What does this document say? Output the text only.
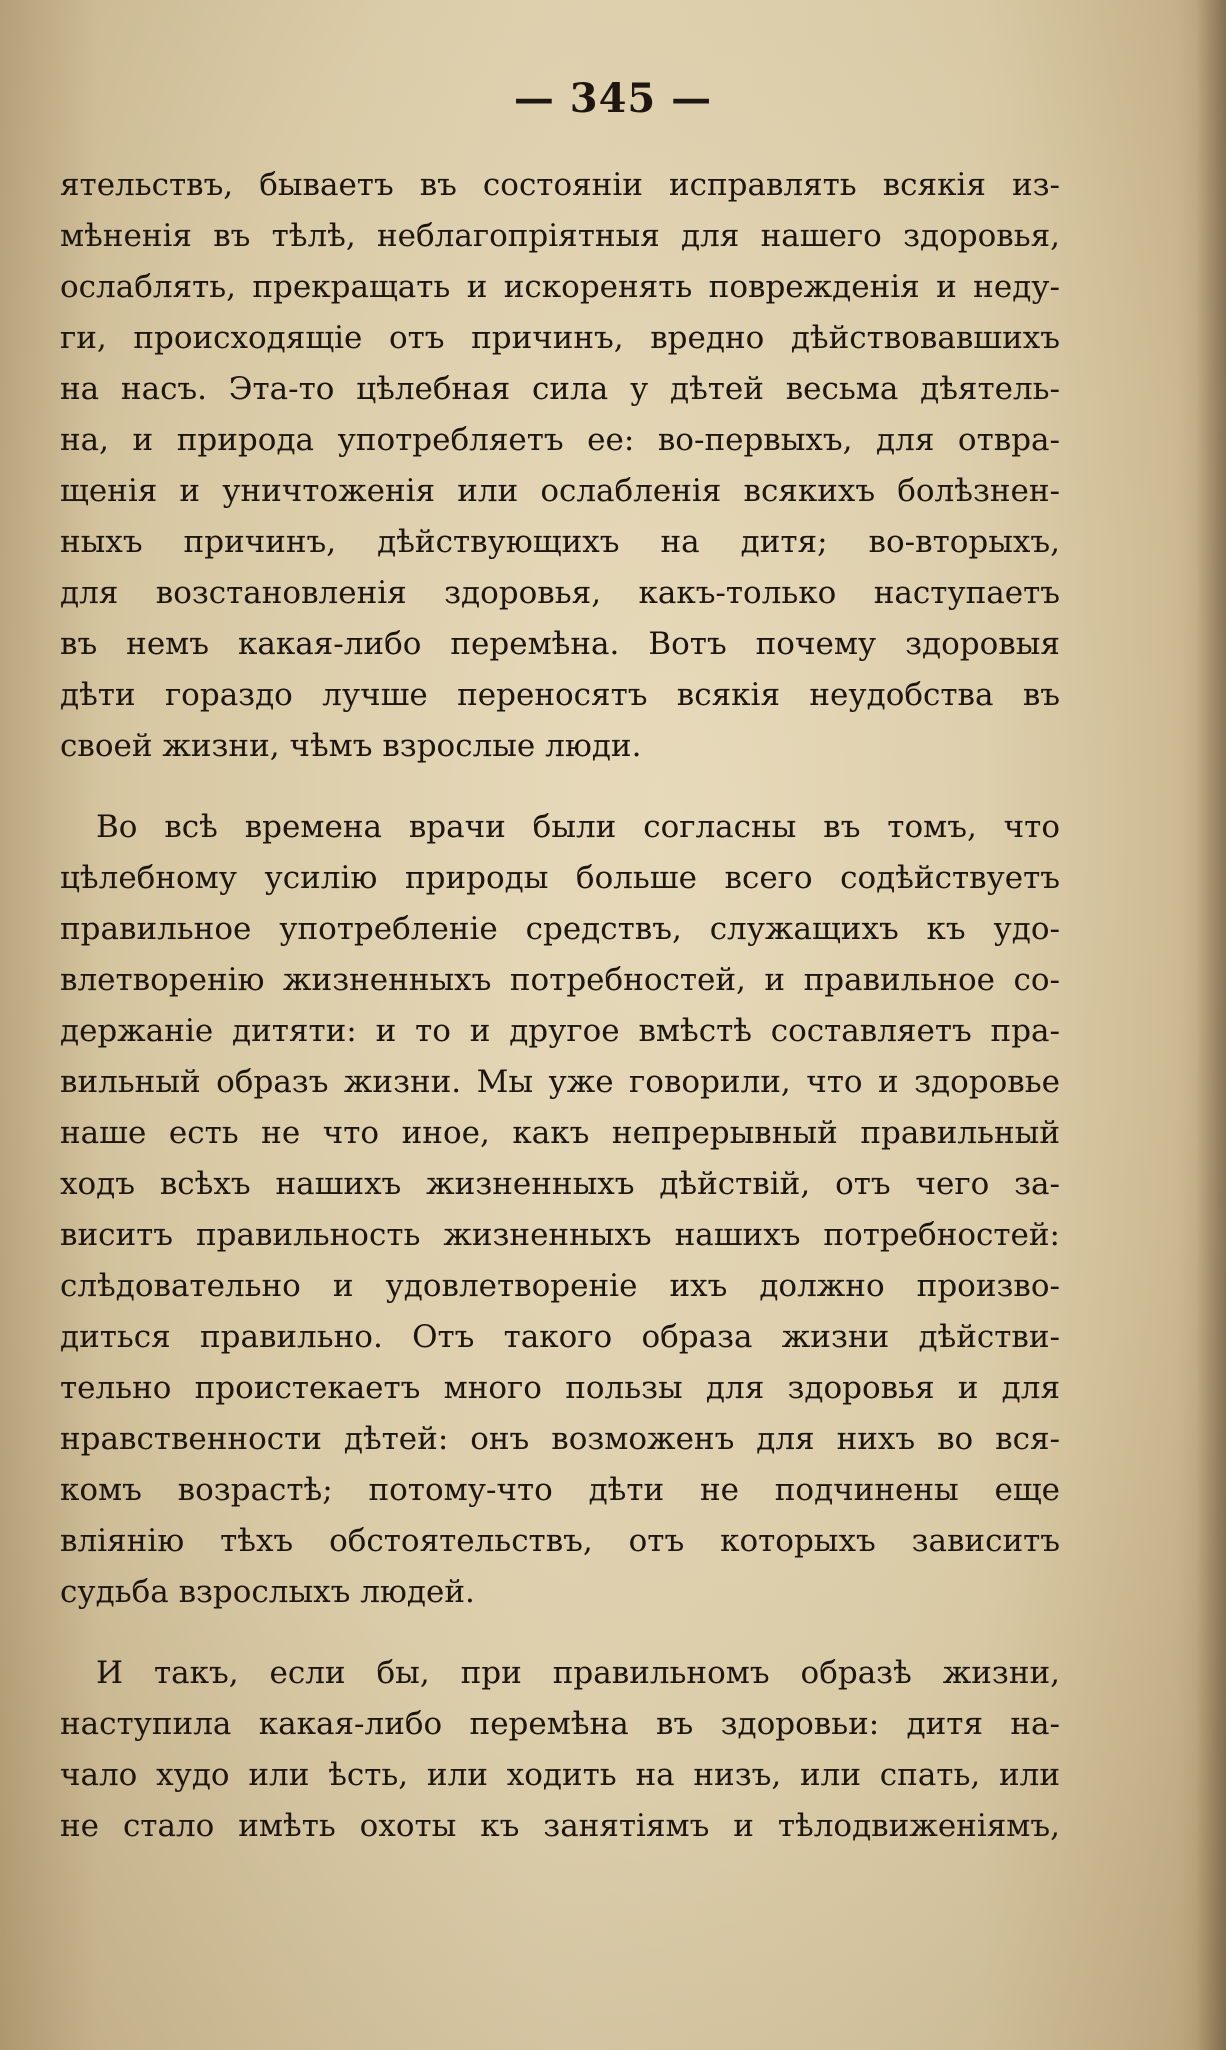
— 345 —
ятельствъ, бываетъ въ состояніи исправлять всякія из-
мѣненія въ тѣлѣ, неблагопріятныя для нашего здоровья,
ослаблять, прекращать и искоренять поврежденія и неду-
ги, происходящіе отъ причинъ, вредно дѣйствовавшихъ
на насъ. Эта-то цѣлебная сила у дѣтей весьма дѣятель-
на, и природа употребляетъ ее: во-первыхъ, для отвра-
щенія и уничтоженія или ослабленія всякихъ болѣзнен-
ныхъ причинъ, дѣйствующихъ на дитя; во-вторыхъ,
для возстановленія здоровья, какъ-только наступаетъ
въ немъ какая-либо перемѣна. Вотъ почему здоровыя
дѣти гораздо лучше переносятъ всякія неудобства въ
своей жизни, чѣмъ взрослые люди.
Во всѣ времена врачи были согласны въ томъ, что
цѣлебному усилію природы больше всего содѣйствуетъ
правильное употребленіе средствъ, служащихъ къ удо-
влетворенію жизненныхъ потребностей, и правильное со-
держаніе дитяти: и то и другое вмѣстѣ составляетъ пра-
вильный образъ жизни. Мы уже говорили, что и здоровье
наше есть не что иное, какъ непрерывный правильный
ходъ всѣхъ нашихъ жизненныхъ дѣйствій, отъ чего за-
виситъ правильность жизненныхъ нашихъ потребностей:
слѣдовательно и удовлетвореніе ихъ должно произво-
диться правильно. Отъ такого образа жизни дѣйстви-
тельно проистекаетъ много пользы для здоровья и для
нравственности дѣтей: онъ возможенъ для нихъ во вся-
комъ возрастѣ; потому-что дѣти не подчинены еще
вліянію тѣхъ обстоятельствъ, отъ которыхъ зависитъ
судьба взрослыхъ людей.
И такъ, если бы, при правильномъ образѣ жизни,
наступила какая-либо перемѣна въ здоровьи: дитя на-
чало худо или ѣсть, или ходить на низъ, или спать, или
не стало имѣть охоты къ занятіямъ и тѣлодвиженіямъ,
